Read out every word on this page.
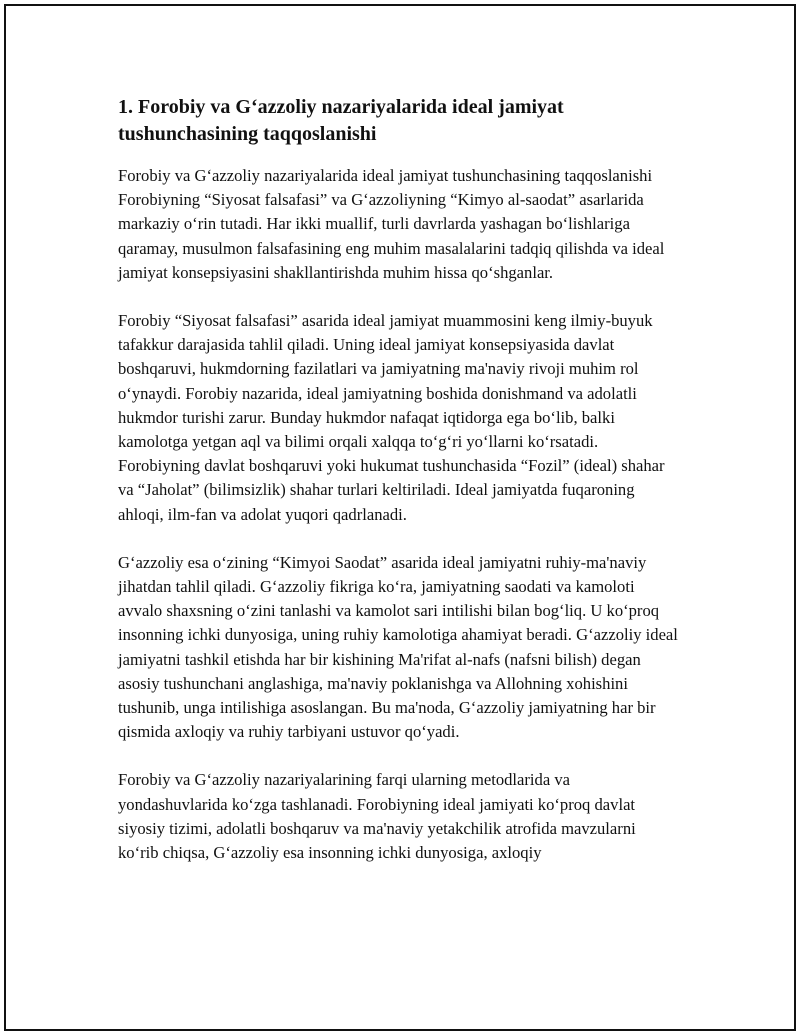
1. Forobiy va G‘azzoliy nazariyalarida ideal jamiyat tushunchasining taqqoslanishi

Forobiy va G‘azzoliy nazariyalarida ideal jamiyat tushunchasining taqqoslanishi Forobiyning “Siyosat falsafasi” va G‘azzoliyning “Kimyo al-saodat” asarlarida markaziy o‘rin tutadi. Har ikki muallif, turli davrlarda yashagan bo‘lishlariga qaramay, musulmon falsafasining eng muhim masalalarini tadqiq qilishda va ideal jamiyat konsepsiyasini shakllantirishda muhim hissa qo‘shganlar.

Forobiy “Siyosat falsafasi” asarida ideal jamiyat muammosini keng ilmiy-buyuk tafakkur darajasida tahlil qiladi. Uning ideal jamiyat konsepsiyasida davlat boshqaruvi, hukmdorning fazilatlari va jamiyatning ma'naviy rivoji muhim rol o‘ynaydi. Forobiy nazarida, ideal jamiyatning boshida donishmand va adolatli hukmdor turishi zarur. Bunday hukmdor nafaqat iqtidorga ega bo‘lib, balki kamolotga yetgan aql va bilimi orqali xalqqa to‘g‘ri yo‘llarni ko‘rsatadi. Forobiyning davlat boshqaruvi yoki hukumat tushunchasida “Fozil” (ideal) shahar va “Jaholat” (bilimsizlik) shahar turlari keltiriladi. Ideal jamiyatda fuqaroning ahloqi, ilm-fan va adolat yuqori qadrlanadi.

G‘azzoliy esa o‘zining “Kimyoi Saodat” asarida ideal jamiyatni ruhiy-ma'naviy jihatdan tahlil qiladi. G‘azzoliy fikriga ko‘ra, jamiyatning saodati va kamoloti avvalo shaxsning o‘zini tanlashi va kamolot sari intilishi bilan bog‘liq. U ko‘proq insonning ichki dunyosiga, uning ruhiy kamolotiga ahamiyat beradi. G‘azzoliy ideal jamiyatni tashkil etishda har bir kishining Ma'rifat al-nafs (nafsni bilish) degan asosiy tushunchani anglashiga, ma'naviy poklanishga va Allohning xohishini tushunib, unga intilishiga asoslangan. Bu ma'noda, G‘azzoliy jamiyatning har bir qismida axloqiy va ruhiy tarbiyani ustuvor qo‘yadi.

Forobiy va G‘azzoliy nazariyalarining farqi ularning metodlarida va yondashuvlarida ko‘zga tashlanadi. Forobiyning ideal jamiyati ko‘proq davlat siyosiy tizimi, adolatli boshqaruv va ma'naviy yetakchilik atrofida mavzularni ko‘rib chiqsa, G‘azzoliy esa insonning ichki dunyosiga, axloqiy
